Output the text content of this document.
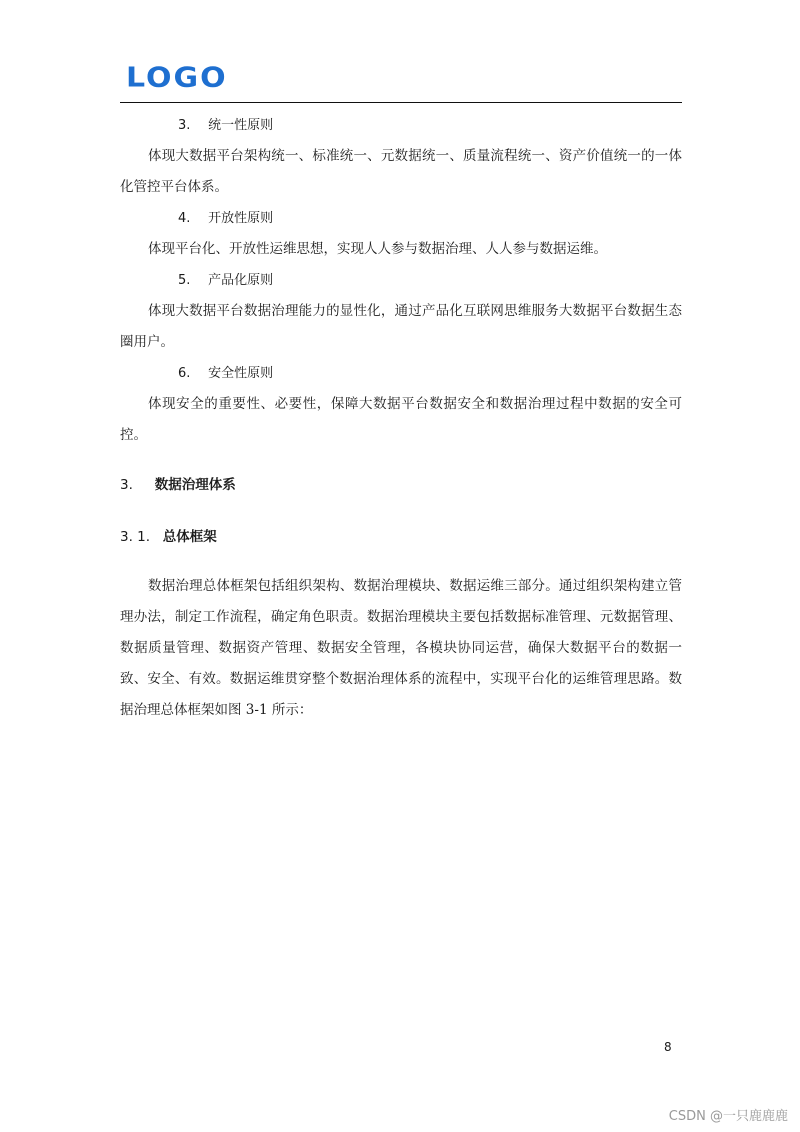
LOGO
3. 统一性原则

体现大数据平台架构统一、标准统一、元数据统一、质量流程统一、资产价值统一的一体化管控平台体系。

4. 开放性原则

体现平台化、开放性运维思想，实现人人参与数据治理、人人参与数据运维。

5. 产品化原则

体现大数据平台数据治理能力的显性化，通过产品化互联网思维服务大数据平台数据生态圈用户。

6. 安全性原则

体现安全的重要性、必要性，保障大数据平台数据安全和数据治理过程中数据的安全可控。

3. 数据治理体系
3. 1. 总体框架

数据治理总体框架包括组织架构、数据治理模块、数据运维三部分。通过组织架构建立管理办法，制定工作流程，确定角色职责。数据治理模块主要包括数据标准管理、元数据管理、数据质量管理、数据资产管理、数据安全管理，各模块协同运营，确保大数据平台的数据一致、安全、有效。数据运维贯穿整个数据治理体系的流程中，实现平台化的运维管理思路。数据治理总体框架如图 3-1 所示：

8
CSDN @一只鹿鹿鹿
